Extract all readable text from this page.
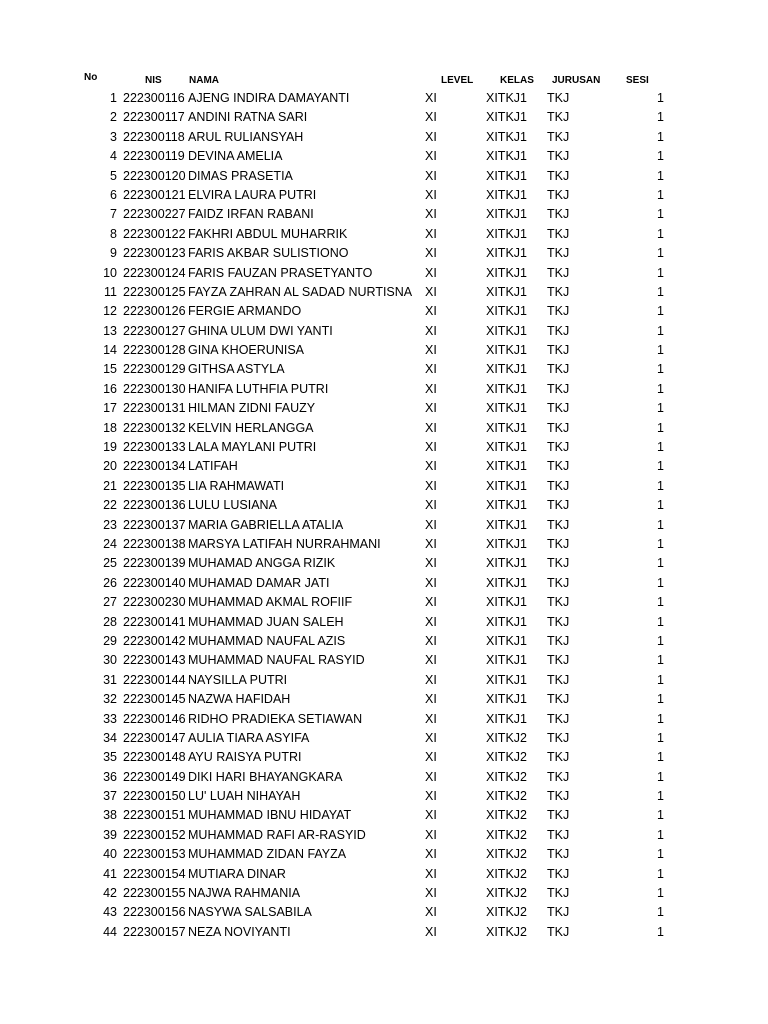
No	NIS	NAMA	LEVEL	KELAS JURUSAN	SESI
1 222300116 AJENG INDIRA DAMAYANTI	XI	XITKJ1 TKJ	1
2 222300117 ANDINI RATNA SARI	XI	XITKJ1 TKJ	1
3 222300118 ARUL RULIANSYAH	XI	XITKJ1 TKJ	1
4 222300119 DEVINA AMELIA	XI	XITKJ1 TKJ	1
5 222300120 DIMAS PRASETIA	XI	XITKJ1 TKJ	1
6 222300121 ELVIRA LAURA PUTRI	XI	XITKJ1 TKJ	1
7 222300227 FAIDZ IRFAN RABANI	XI	XITKJ1 TKJ	1
8 222300122 FAKHRI ABDUL MUHARRIK	XI	XITKJ1 TKJ	1
9 222300123 FARIS AKBAR SULISTIONO	XI	XITKJ1 TKJ	1
10 222300124 FARIS FAUZAN PRASETYANTO	XI	XITKJ1 TKJ	1
11 222300125 FAYZA ZAHRAN AL SADAD NURTISNA XI	XITKJ1 TKJ	1
12 222300126 FERGIE ARMANDO	XI	XITKJ1 TKJ	1
13 222300127 GHINA ULUM DWI YANTI	XI	XITKJ1 TKJ	1
14 222300128 GINA KHOERUNISA	XI	XITKJ1 TKJ	1
15 222300129 GITHSA ASTYLA	XI	XITKJ1 TKJ	1
16 222300130 HANIFA LUTHFIA PUTRI	XI	XITKJ1 TKJ	1
17 222300131 HILMAN ZIDNI FAUZY	XI	XITKJ1 TKJ	1
18 222300132 KELVIN HERLANGGA	XI	XITKJ1 TKJ	1
19 222300133 LALA MAYLANI PUTRI	XI	XITKJ1 TKJ	1
20 222300134 LATIFAH	XI	XITKJ1 TKJ	1
21 222300135 LIA RAHMAWATI	XI	XITKJ1 TKJ	1
22 222300136 LULU LUSIANA	XI	XITKJ1 TKJ	1
23 222300137 MARIA GABRIELLA ATALIA	XI	XITKJ1 TKJ	1
24 222300138 MARSYA LATIFAH NURRAHMANI	XI	XITKJ1 TKJ	1
25 222300139 MUHAMAD ANGGA RIZIK	XI	XITKJ1 TKJ	1
26 222300140 MUHAMAD DAMAR JATI	XI	XITKJ1 TKJ	1
27 222300230 MUHAMMAD AKMAL ROFIIF	XI	XITKJ1 TKJ	1
28 222300141 MUHAMMAD JUAN SALEH	XI	XITKJ1 TKJ	1
29 222300142 MUHAMMAD NAUFAL AZIS	XI	XITKJ1 TKJ	1
30 222300143 MUHAMMAD NAUFAL RASYID	XI	XITKJ1 TKJ	1
31 222300144 NAYSILLA PUTRI	XI	XITKJ1 TKJ	1
32 222300145 NAZWA HAFIDAH	XI	XITKJ1 TKJ	1
33 222300146 RIDHO PRADIEKA SETIAWAN	XI	XITKJ1 TKJ	1
34 222300147 AULIA TIARA ASYIFA	XI	XITKJ2 TKJ	1
35 222300148 AYU RAISYA PUTRI	XI	XITKJ2 TKJ	1
36 222300149 DIKI HARI BHAYANGKARA	XI	XITKJ2 TKJ	1
37 222300150 LU' LUAH NIHAYAH	XI	XITKJ2 TKJ	1
38 222300151 MUHAMMAD IBNU HIDAYAT	XI	XITKJ2 TKJ	1
39 222300152 MUHAMMAD RAFI AR-RASYID	XI	XITKJ2 TKJ	1
40 222300153 MUHAMMAD ZIDAN FAYZA	XI	XITKJ2 TKJ	1
41 222300154 MUTIARA DINAR	XI	XITKJ2 TKJ	1
42 222300155 NAJWA RAHMANIA	XI	XITKJ2 TKJ	1
43 222300156 NASYWA SALSABILA	XI	XITKJ2 TKJ	1
44 222300157 NEZA NOVIYANTI	XI	XITKJ2 TKJ	1
